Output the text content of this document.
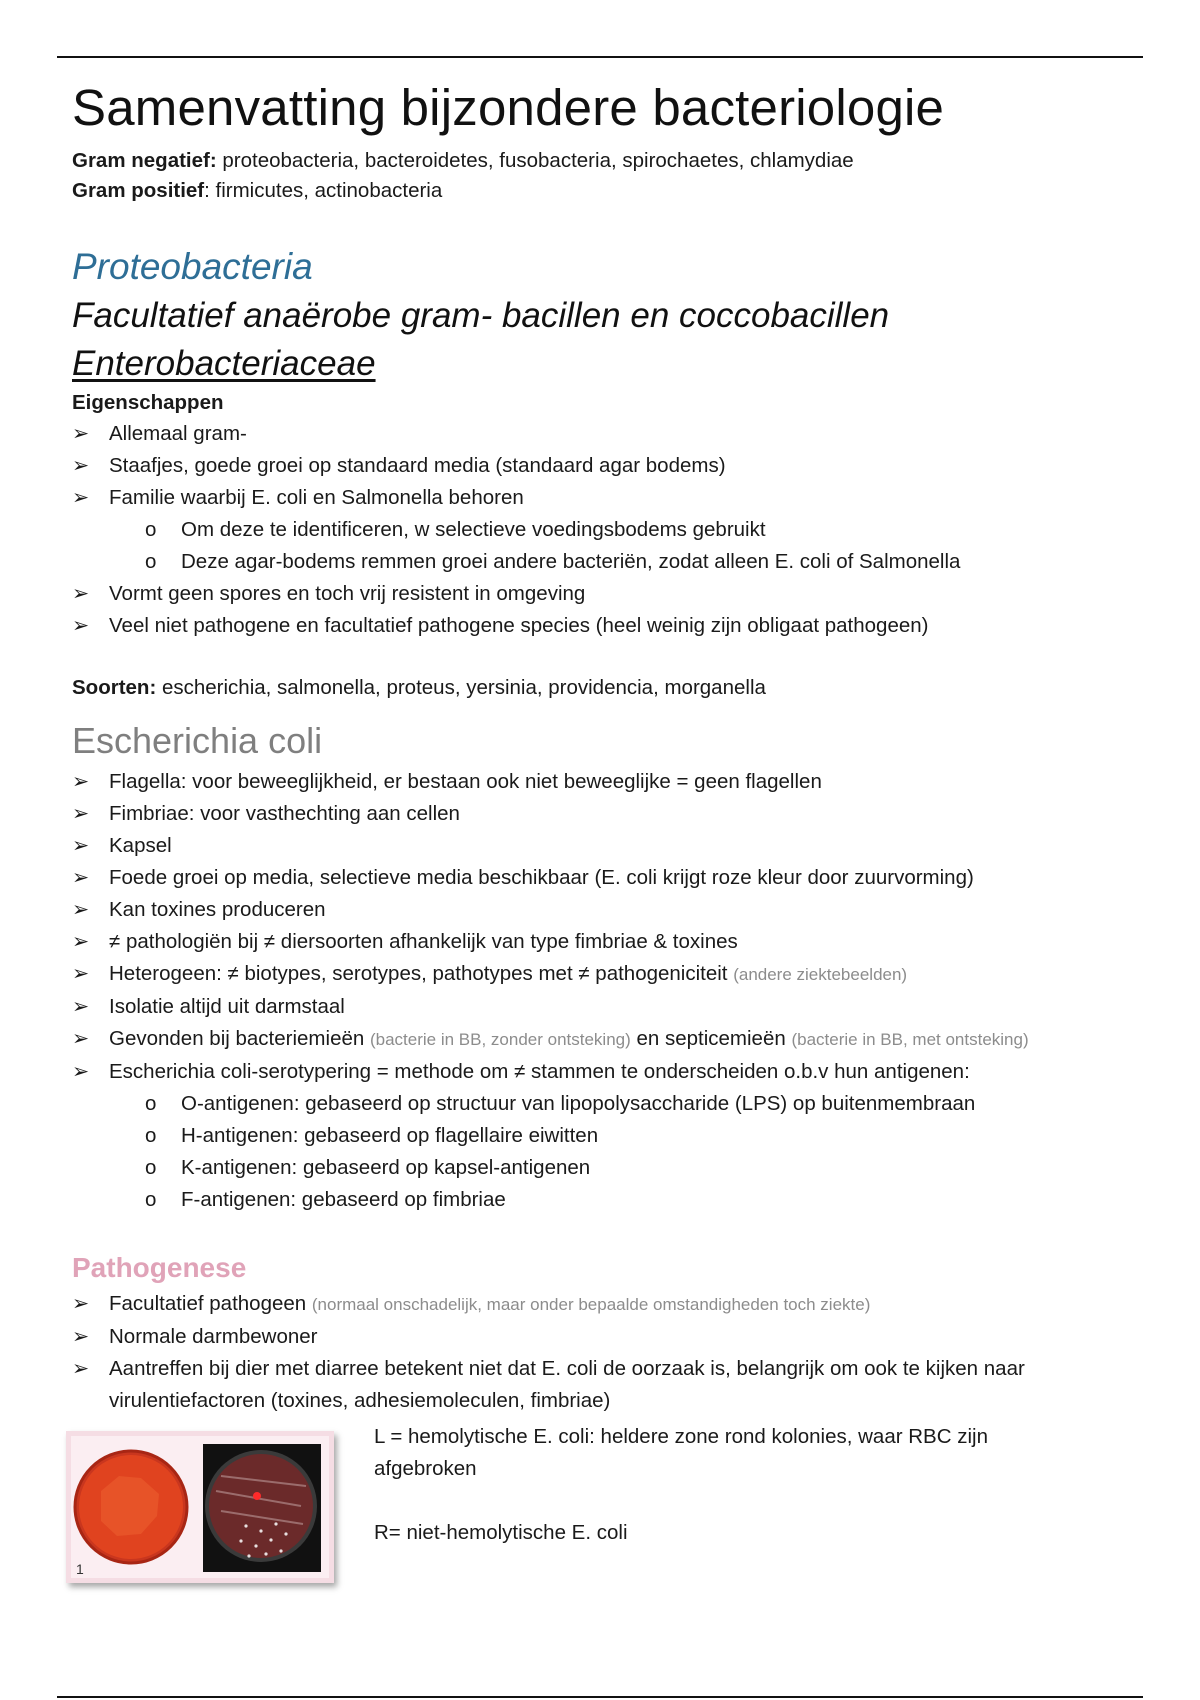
Samenvatting bijzondere bacteriologie
Gram negatief: proteobacteria, bacteroidetes, fusobacteria, spirochaetes, chlamydiae
Gram positief: firmicutes, actinobacteria
Proteobacteria
Facultatief anaërobe gram- bacillen en coccobacillen
Enterobacteriaceae
Eigenschappen
➢ Allemaal gram-
➢ Staafjes, goede groei op standaard media (standaard agar bodems)
➢ Familie waarbij E. coli en Salmonella behoren
o Om deze te identificeren, w selectieve voedingsbodems gebruikt
o Deze agar-bodems remmen groei andere bacteriën, zodat alleen E. coli of Salmonella
➢ Vormt geen spores en toch vrij resistent in omgeving
➢ Veel niet pathogene en facultatief pathogene species (heel weinig zijn obligaat pathogeen)
Soorten: escherichia, salmonella, proteus, yersinia, providencia, morganella
Escherichia coli
➢ Flagella: voor beweeglijkheid, er bestaan ook niet beweeglijke = geen flagellen
➢ Fimbriae: voor vasthechting aan cellen
➢ Kapsel
➢ Foede groei op media, selectieve media beschikbaar (E. coli krijgt roze kleur door zuurvorming)
➢ Kan toxines produceren
➢ ≠ pathologiën bij ≠ diersoorten afhankelijk van type fimbriae & toxines
➢ Heterogeen: ≠ biotypes, serotypes, pathotypes met ≠ pathogeniciteit (andere ziektebeelden)
➢ Isolatie altijd uit darmstaal
➢ Gevonden bij bacteriemieën (bacterie in BB, zonder ontsteking) en septicemieën (bacterie in BB, met ontsteking)
➢ Escherichia coli-serotypering = methode om ≠ stammen te onderscheiden o.b.v hun antigenen:
o O-antigenen: gebaseerd op structuur van lipopolysaccharide (LPS) op buitenmembraan
o H-antigenen: gebaseerd op flagellaire eiwitten
o K-antigenen: gebaseerd op kapsel-antigenen
o F-antigenen: gebaseerd op fimbriae
Pathogenese
➢ Facultatief pathogeen (normaal onschadelijk, maar onder bepaalde omstandigheden toch ziekte)
➢ Normale darmbewoner
➢ Aantreffen bij dier met diarree betekent niet dat E. coli de oorzaak is, belangrijk om ook te kijken naar virulentiefactoren (toxines, adhesiemoleculen, fimbriae)
L = hemolytische E. coli: heldere zone rond kolonies, waar RBC zijn afgebroken
R= niet-hemolytische E. coli
1
